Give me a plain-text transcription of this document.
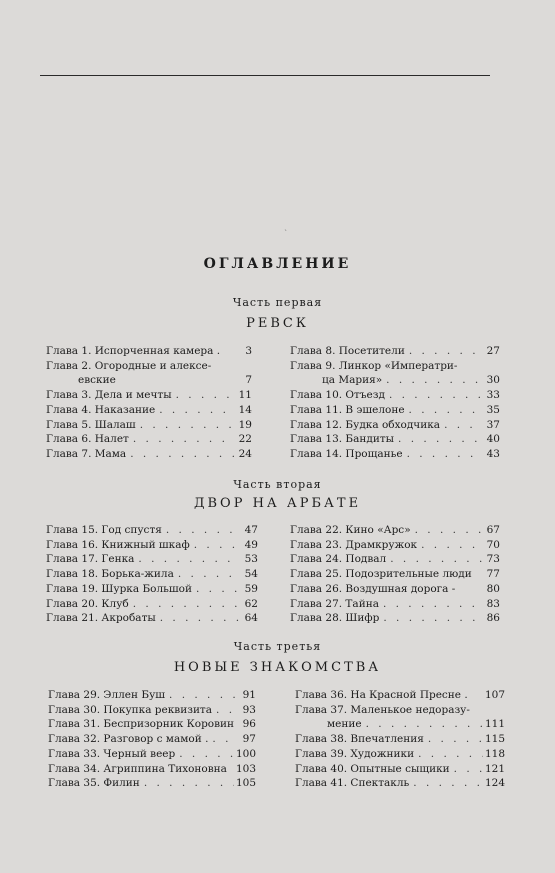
`
ОГЛАВЛЕНИЕ
Часть первая
РЕВСК
Глава 1. Испорченная камера .	3
Глава 2. Огородные и алексе-
евские	7
Глава 3. Дела и мечты . . .	11
Глава 4. Наказание . . .	14
Глава 5. Шалаш . . .	19
Глава 6. Налет . . .	22
Глава 7. Мама . . .	24
Глава 8. Посетители . . .	27
Глава 9. Линкор «Императри-
ца Мария» . . .	30
Глава 10. Отъезд . . .	33
Глава 11. В эшелоне . . .	35
Глава 12. Будка обходчика . . .	37
Глава 13. Бандиты . . .	40
Глава 14. Прощанье . . .	43
Часть вторая
ДВОР НА АРБАТЕ
Глава 15. Год спустя . . .	47
Глава 16. Книжный шкаф . . .	49
Глава 17. Генка . . .	53
Глава 18. Борька-жила . . .	54
Глава 19. Шурка Большой . . .	59
Глава 20. Клуб . . .	62
Глава 21. Акробаты . . .	64
Глава 22. Кино «Арс» . . .	67
Глава 23. Драмкружок . . .	70
Глава 24. Подвал . . .	73
Глава 25. Подозрительные люди 77
Глава 26. Воздушная дорога -	80
Глава 27. Тайна . . .	83
Глава 28. Шифр . . .	86
Часть третья
НОВЫЕ ЗНАКОМСТВА
Глава 29. Эллен Буш . . .	91
Глава 30. Покупка реквизита . . .	93
Глава 31. Беспризорник Коровин 96
Глава 32. Разговор с мамой . . . .	97
Глава 33. Черный веер . . .	100
Глава 34. Агриппина Тихоновна 103
Глава 35. Филин . . .	105
Глава 36. На Красной Пресне . 107
Глава 37. Маленькое недоразу-
мение . . .	111
Глава 38. Впечатления . . .	115
Глава 39. Художники . . .	118
Глава 40. Опытные сыщики . . .	121
Глава 41. Спектакль . . .	124
